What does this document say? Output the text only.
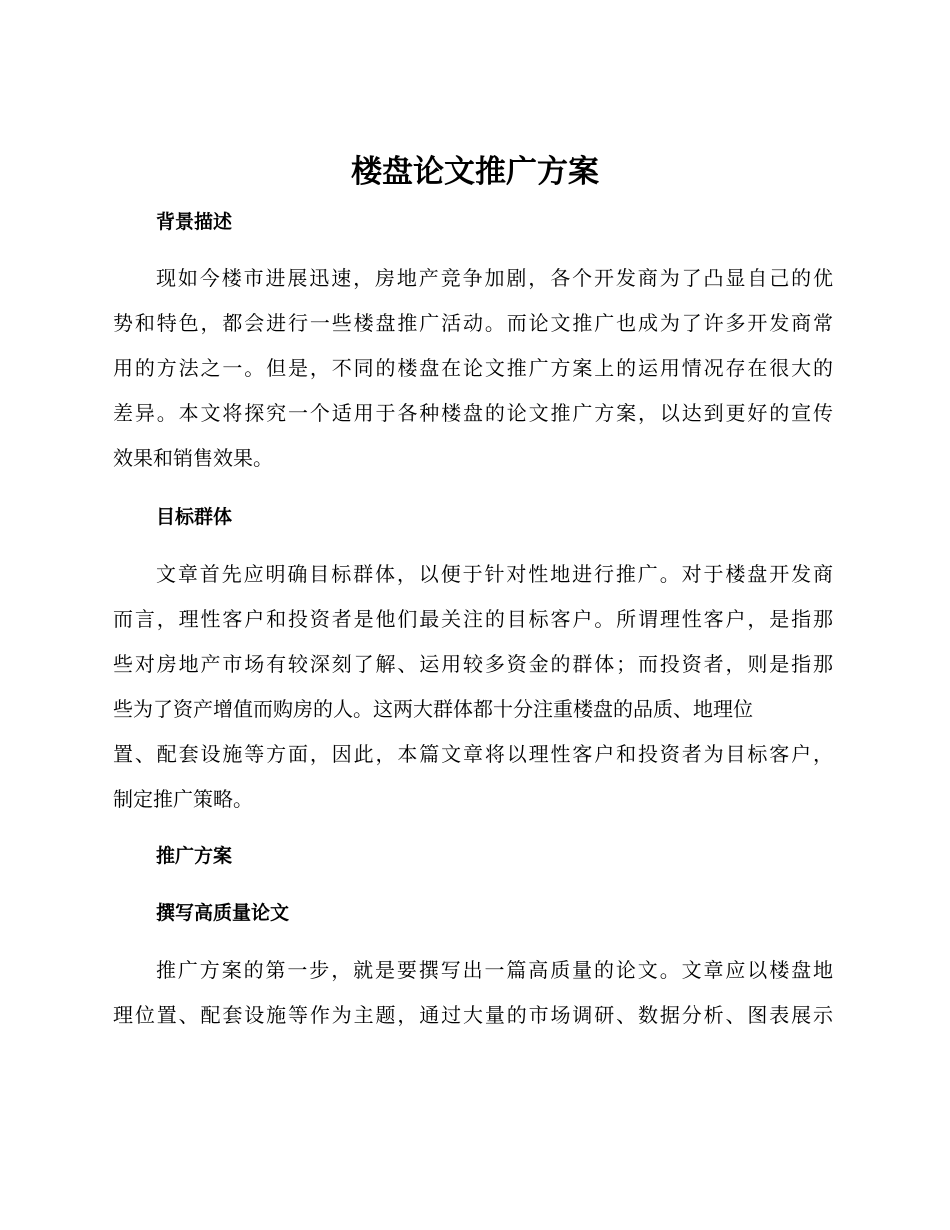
楼盘论文推广方案
背景描述
现如今楼市进展迅速，房地产竞争加剧，各个开发商为了凸显自己的优
势和特色，都会进行一些楼盘推广活动。而论文推广也成为了许多开发商常
用的方法之一。但是，不同的楼盘在论文推广方案上的运用情况存在很大的
差异。本文将探究一个适用于各种楼盘的论文推广方案，以达到更好的宣传
效果和销售效果。
目标群体
文章首先应明确目标群体，以便于针对性地进行推广。对于楼盘开发商
而言，理性客户和投资者是他们最关注的目标客户。所谓理性客户，是指那
些对房地产市场有较深刻了解、运用较多资金的群体；而投资者，则是指那
些为了资产增值而购房的人。这两大群体都十分注重楼盘的品质、地理位
置、配套设施等方面，因此，本篇文章将以理性客户和投资者为目标客户，
制定推广策略。
推广方案
撰写高质量论文
推广方案的第一步，就是要撰写出一篇高质量的论文。文章应以楼盘地
理位置、配套设施等作为主题，通过大量的市场调研、数据分析、图表展示
